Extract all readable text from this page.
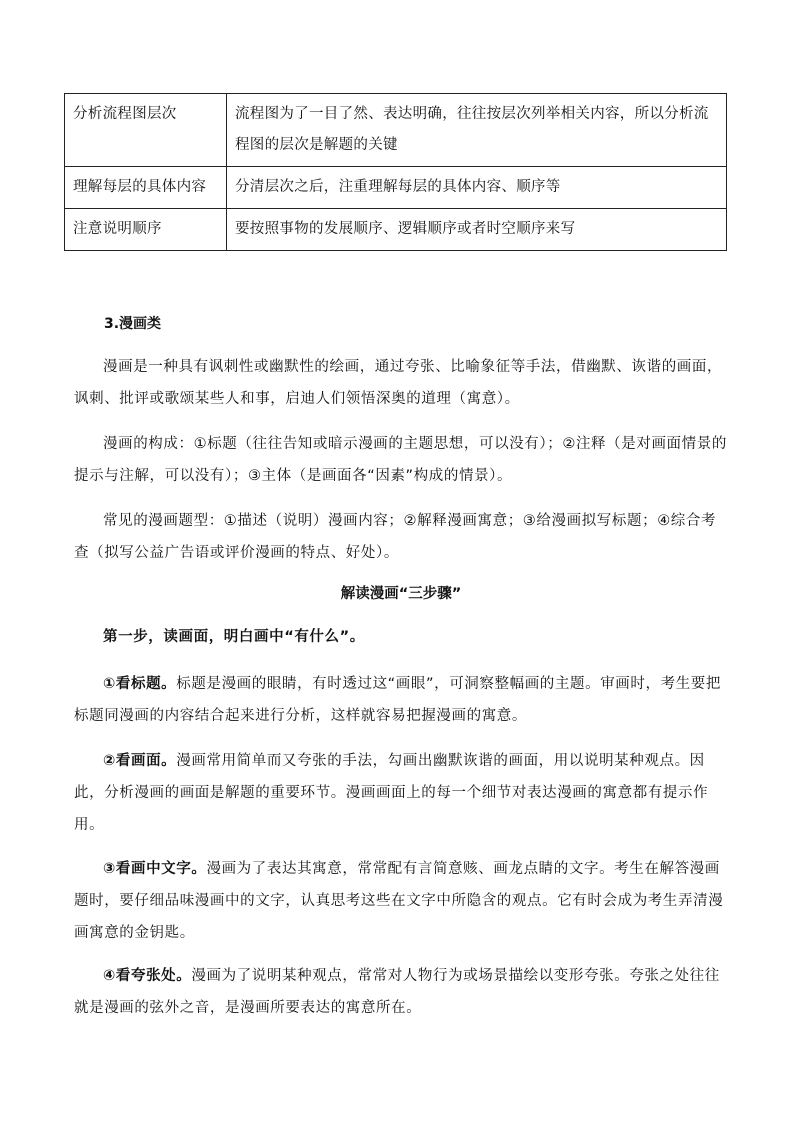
分析流程图层次	流程图为了一目了然、表达明确，往往按层次列举相关内容，所以分析流程图的层次是解题的关键
理解每层的具体内容	分清层次之后，注重理解每层的具体内容、顺序等
注意说明顺序	要按照事物的发展顺序、逻辑顺序或者时空顺序来写
3.漫画类

漫画是一种具有讽刺性或幽默性的绘画，通过夸张、比喻象征等手法，借幽默、诙谐的画面，讽刺、批评或歌颂某些人和事，启迪人们领悟深奥的道理（寓意）。

漫画的构成：①标题（往往告知或暗示漫画的主题思想，可以没有）；②注释（是对画面情景的提示与注解，可以没有）；③主体（是画面各“因素”构成的情景）。

常见的漫画题型：①描述（说明）漫画内容；②解释漫画寓意；③给漫画拟写标题；④综合考查（拟写公益广告语或评价漫画的特点、好处）。

解读漫画“三步骤”

第一步，读画面，明白画中“有什么”。

①看标题。标题是漫画的眼睛，有时透过这“画眼”，可洞察整幅画的主题。审画时，考生要把标题同漫画的内容结合起来进行分析，这样就容易把握漫画的寓意。

②看画面。漫画常用简单而又夸张的手法，勾画出幽默诙谐的画面，用以说明某种观点。因此，分析漫画的画面是解题的重要环节。漫画画面上的每一个细节对表达漫画的寓意都有提示作用。

③看画中文字。漫画为了表达其寓意，常常配有言简意赅、画龙点睛的文字。考生在解答漫画题时，要仔细品味漫画中的文字，认真思考这些在文字中所隐含的观点。它有时会成为考生弄清漫画寓意的金钥匙。

④看夸张处。漫画为了说明某种观点，常常对人物行为或场景描绘以变形夸张。夸张之处往往就是漫画的弦外之音，是漫画所要表达的寓意所在。
